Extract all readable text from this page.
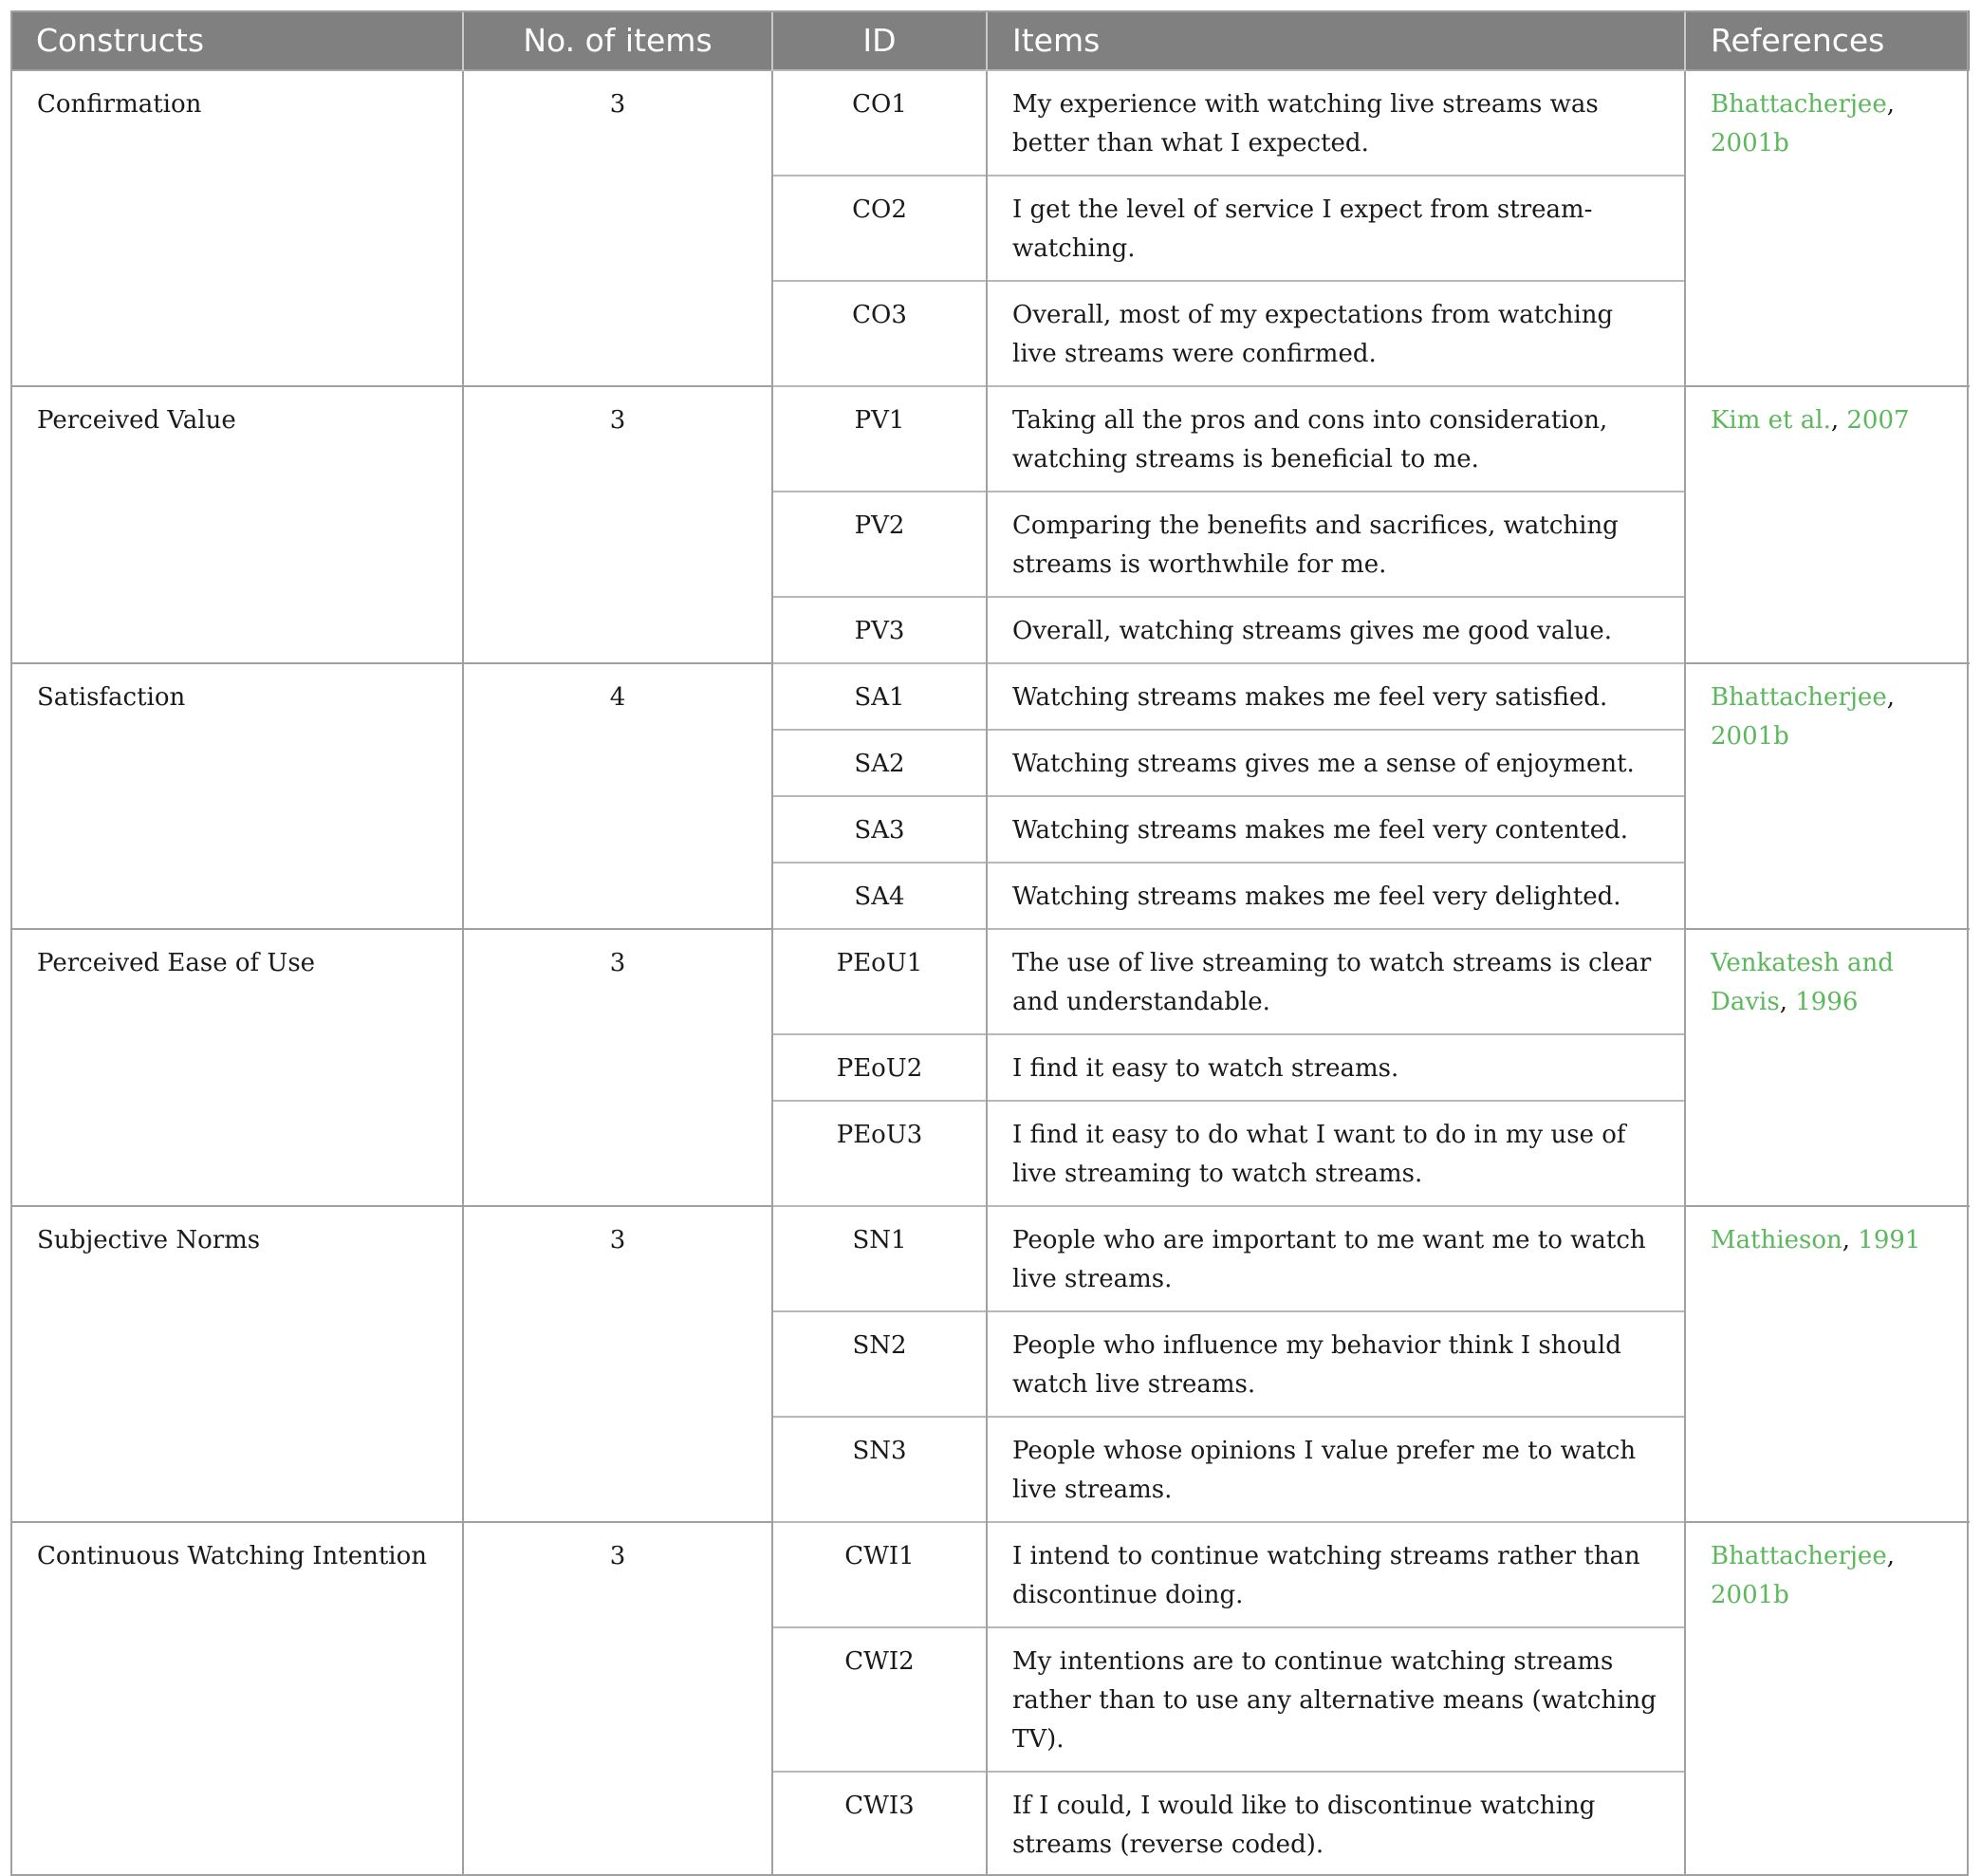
Constructs	No. of items	ID	Items	References
Confirmation	3	CO1	My experience with watching live streams was better than what I expected.	Bhattacherjee, 2001b
		CO2	I get the level of service I expect from stream-watching.	
		CO3	Overall, most of my expectations from watching live streams were confirmed.	
Perceived Value	3	PV1	Taking all the pros and cons into consideration, watching streams is beneficial to me.	Kim et al., 2007
		PV2	Comparing the benefits and sacrifices, watching streams is worthwhile for me.	
		PV3	Overall, watching streams gives me good value.	
Satisfaction	4	SA1	Watching streams makes me feel very satisfied.	Bhattacherjee, 2001b
		SA2	Watching streams gives me a sense of enjoyment.	
		SA3	Watching streams makes me feel very contented.	
		SA4	Watching streams makes me feel very delighted.	
Perceived Ease of Use	3	PEoU1	The use of live streaming to watch streams is clear and understandable.	Venkatesh and Davis, 1996
		PEoU2	I find it easy to watch streams.	
		PEoU3	I find it easy to do what I want to do in my use of live streaming to watch streams.	
Subjective Norms	3	SN1	People who are important to me want me to watch live streams.	Mathieson, 1991
		SN2	People who influence my behavior think I should watch live streams.	
		SN3	People whose opinions I value prefer me to watch live streams.	
Continuous Watching Intention	3	CWI1	I intend to continue watching streams rather than discontinue doing.	Bhattacherjee, 2001b
		CWI2	My intentions are to continue watching streams rather than to use any alternative means (watching TV).	
		CWI3	If I could, I would like to discontinue watching streams (reverse coded).	
